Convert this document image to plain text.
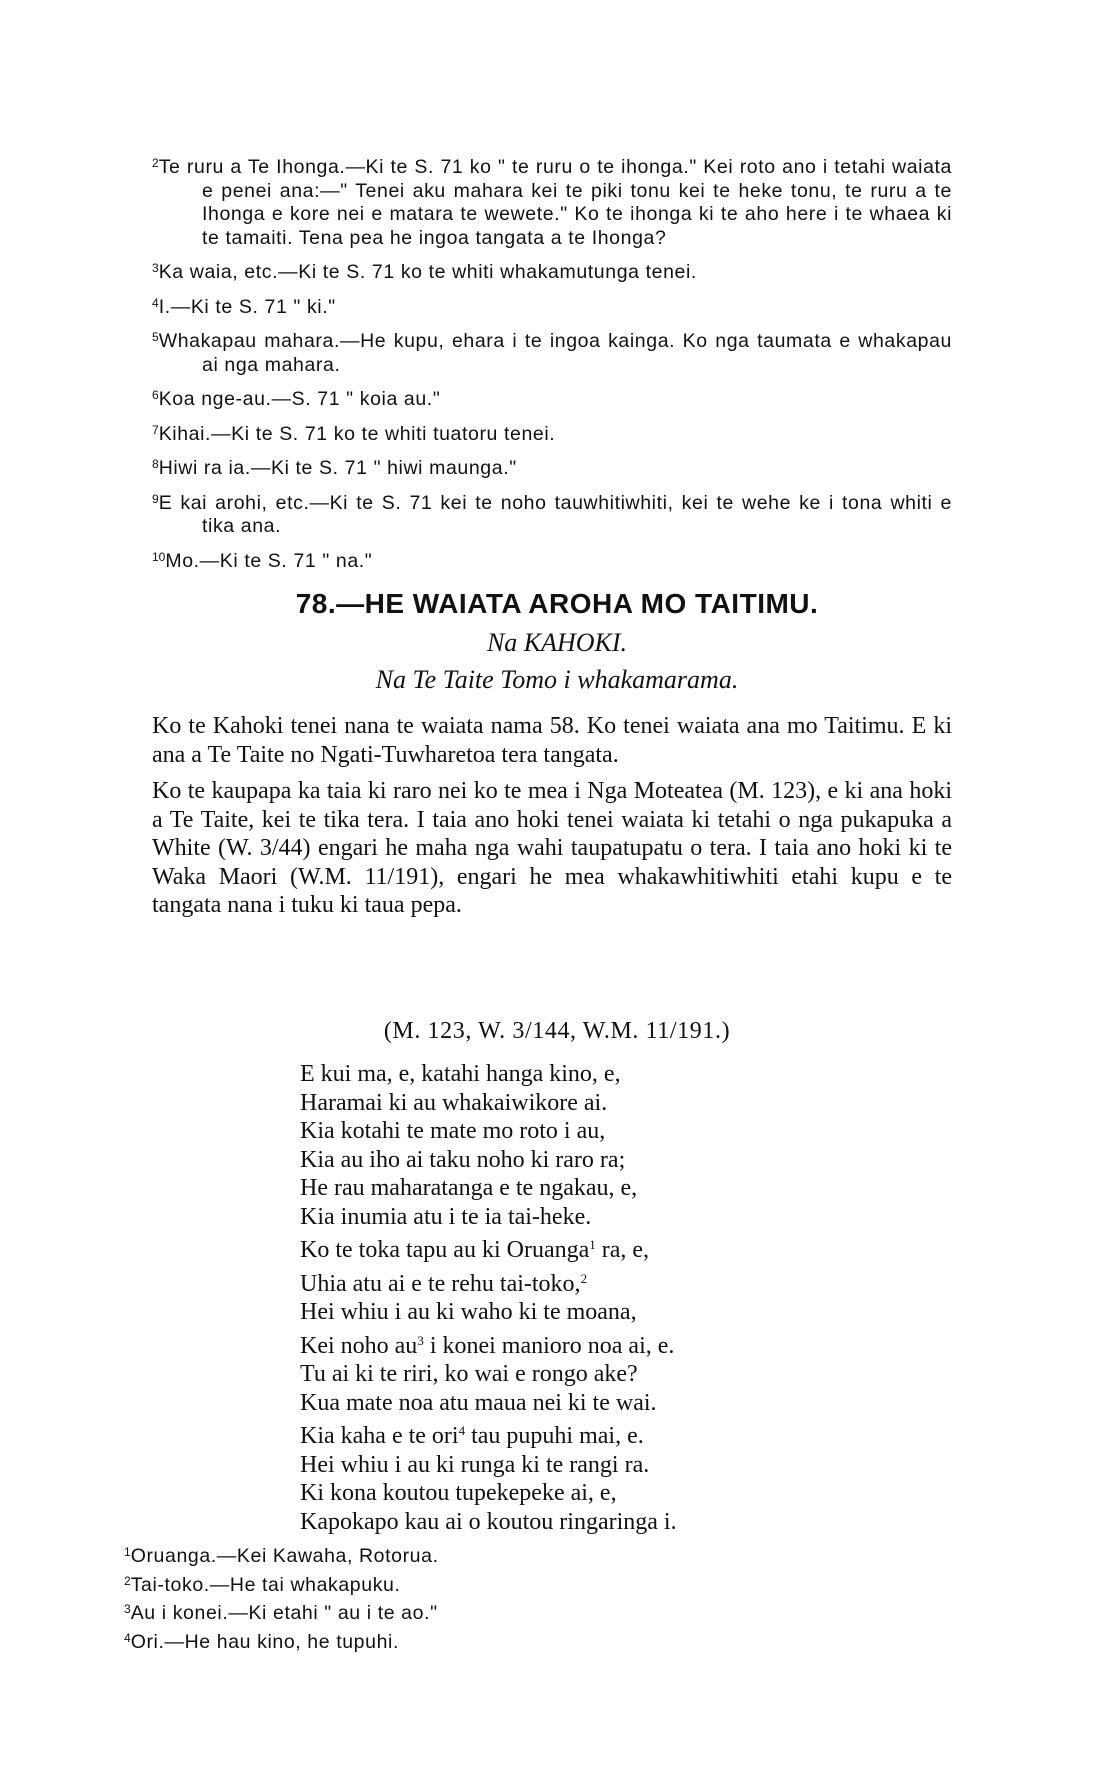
$^2$Te ruru a Te Ihonga.—Ki te S. 71 ko " te ruru o te ihonga." Kei roto ano i tetahi waiata e penei ana:—" Tenei aku mahara kei te piki tonu kei te heke tonu, te ruru a te Ihonga e kore nei e matara te wewete." Ko te ihonga ki te aho here i te whaea ki te tamaiti. Tena pea he ingoa tangata a te Ihonga?

$^3$Ka waia, etc.—Ki te S. 71 ko te whiti whakamutunga tenei.

$^4$I.—Ki te S. 71 " ki."

$^5$Whakapau mahara.—He kupu, ehara i te ingoa kainga. Ko nga taumata e whakapau ai nga mahara.

$^6$Koa nge-au.—S. 71 " koia au."

$^7$Kihai.—Ki te S. 71 ko te whiti tuatoru tenei.

$^8$Hiwi ra ia.—Ki te S. 71 " hiwi maunga."

$^9$E kai arohi, etc.—Ki te S. 71 kei te noho tauwhitiwhiti, kei te wehe ke i tona whiti e tika ana.

$^{10}$Mo.—Ki te S. 71 " na."

78.—HE WAIATA AROHA MO TAITIMU.
Na KAHOKI.
Na Te Taite Tomo i whakamarama.

Ko te Kahoki tenei nana te waiata nama 58. Ko tenei waiata ana mo Taitimu. E ki ana a Te Taite no Ngati-Tuwharetoa tera tangata.

Ko te kaupapa ka taia ki raro nei ko te mea i Nga Moteatea (M. 123), e ki ana hoki a Te Taite, kei te tika tera. I taia ano hoki tenei waiata ki tetahi o nga pukapuka a White (W. 3/44) engari he maha nga wahi taupatupatu o tera. I taia ano hoki ki te Waka Maori (W.M. 11/191), engari he mea whakawhitiwhiti etahi kupu e te tangata nana i tuku ki taua pepa.

(M. 123, W. 3/144, W.M. 11/191.)
E kui ma, e, katahi hanga kino, e,
Haramai ki au whakaiwikore ai.
Kia kotahi te mate mo roto i au,
Kia au iho ai taku noho ki raro ra;
He rau maharatanga e te ngakau, e,
Kia inumia atu i te ia tai-heke.
Ko te toka tapu au ki Oruanga$^1$ ra, e,
Uhia atu ai e te rehu tai-toko,$^2$
Hei whiu i au ki waho ki te moana,
Kei noho $au^3$ i konei manioro noa ai, e.
Tu ai ki te riri, ko wai e rongo ake?
Kua mate noa atu maua nei ki te wai.
Kia kaha e te ori$^4$ tau pupuhi mai, e.
Hei whiu i au ki runga ki te rangi ra.
Ki kona koutou tupekepeke ai, e,
Kapokapo kau ai o koutou ringaringa i.

$^1$Oruanga.—Kei Kawaha, Rotorua.

$^2$Tai-toko.—He tai whakapuku.

$^3$Au i konei.—Ki etahi " au i te ao."

$^4$Ori.—He hau kino, he tupuhi.
